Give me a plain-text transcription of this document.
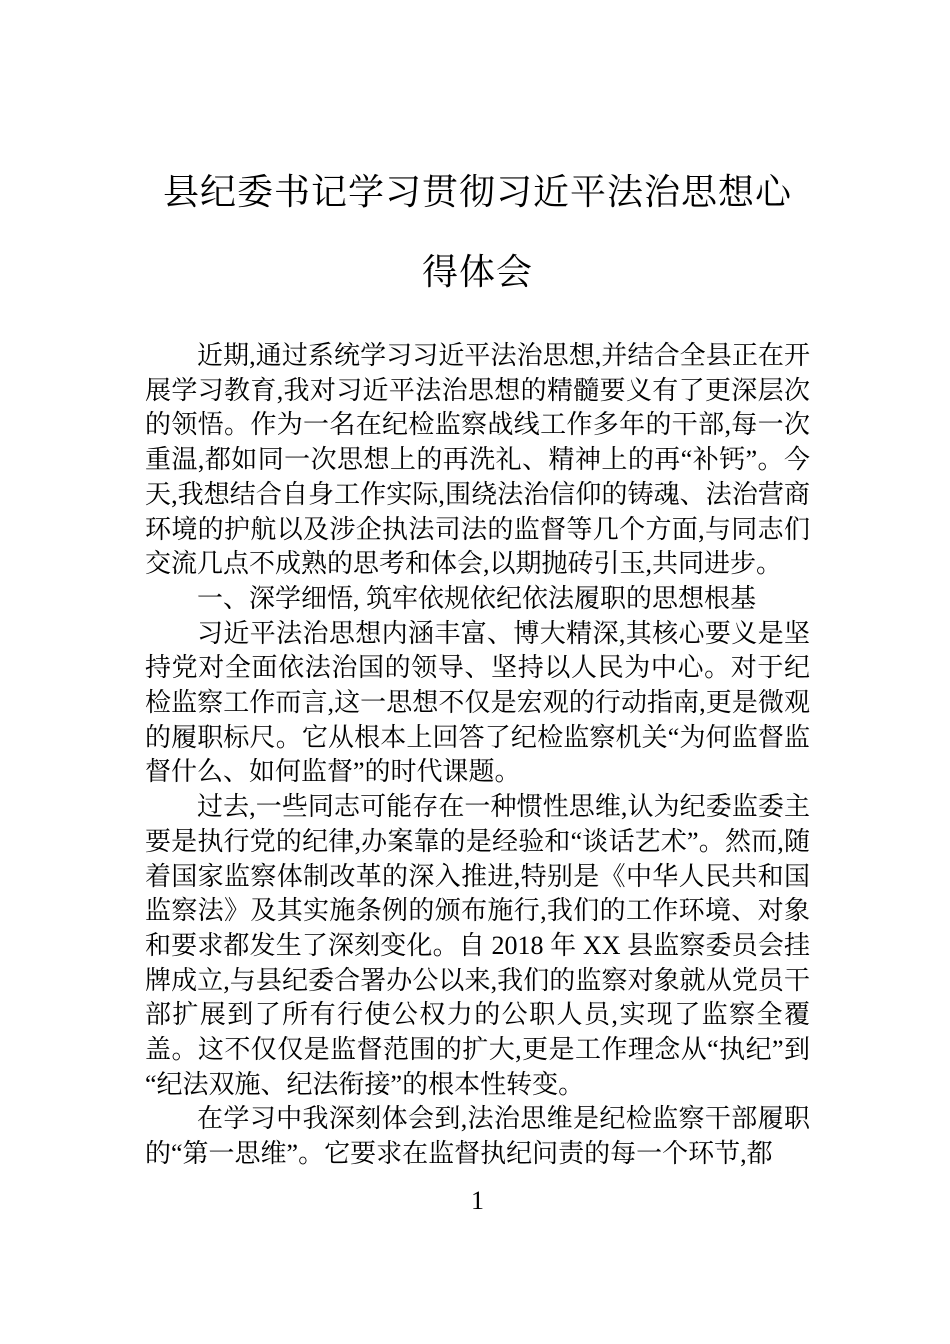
县纪委书记学习贯彻习近平法治思想心得体会

近期,通过系统学习习近平法治思想,并结合全县正在开展学习教育,我对习近平法治思想的精髓要义有了更深层次的领悟。作为一名在纪检监察战线工作多年的干部,每一次重温,都如同一次思想上的再洗礼、精神上的再“补钙”。今天,我想结合自身工作实际,围绕法治信仰的铸魂、法治营商环境的护航以及涉企执法司法的监督等几个方面,与同志们交流几点不成熟的思考和体会,以期抛砖引玉,共同进步。

一、深学细悟, 筑牢依规依纪依法履职的思想根基

习近平法治思想内涵丰富、博大精深,其核心要义是坚持党对全面依法治国的领导、坚持以人民为中心。对于纪检监察工作而言,这一思想不仅是宏观的行动指南,更是微观的履职标尺。它从根本上回答了纪检监察机关“为何监督监督什么、如何监督”的时代课题。

过去,一些同志可能存在一种惯性思维,认为纪委监委主要是执行党的纪律,办案靠的是经验和“谈话艺术”。然而,随着国家监察体制改革的深入推进,特别是《中华人民共和国监察法》及其实施条例的颁布施行,我们的工作环境、对象和要求都发生了深刻变化。自 2018 年 XX 县监察委员会挂牌成立,与县纪委合署办公以来,我们的监察对象就从党员干部扩展到了所有行使公权力的公职人员,实现了监察全覆盖。这不仅仅是监督范围的扩大,更是工作理念从“执纪”到“纪法双施、纪法衔接”的根本性转变。

在学习中我深刻体会到,法治思维是纪检监察干部履职的“第一思维”。它要求在监督执纪问责的每一个环节,都

1
